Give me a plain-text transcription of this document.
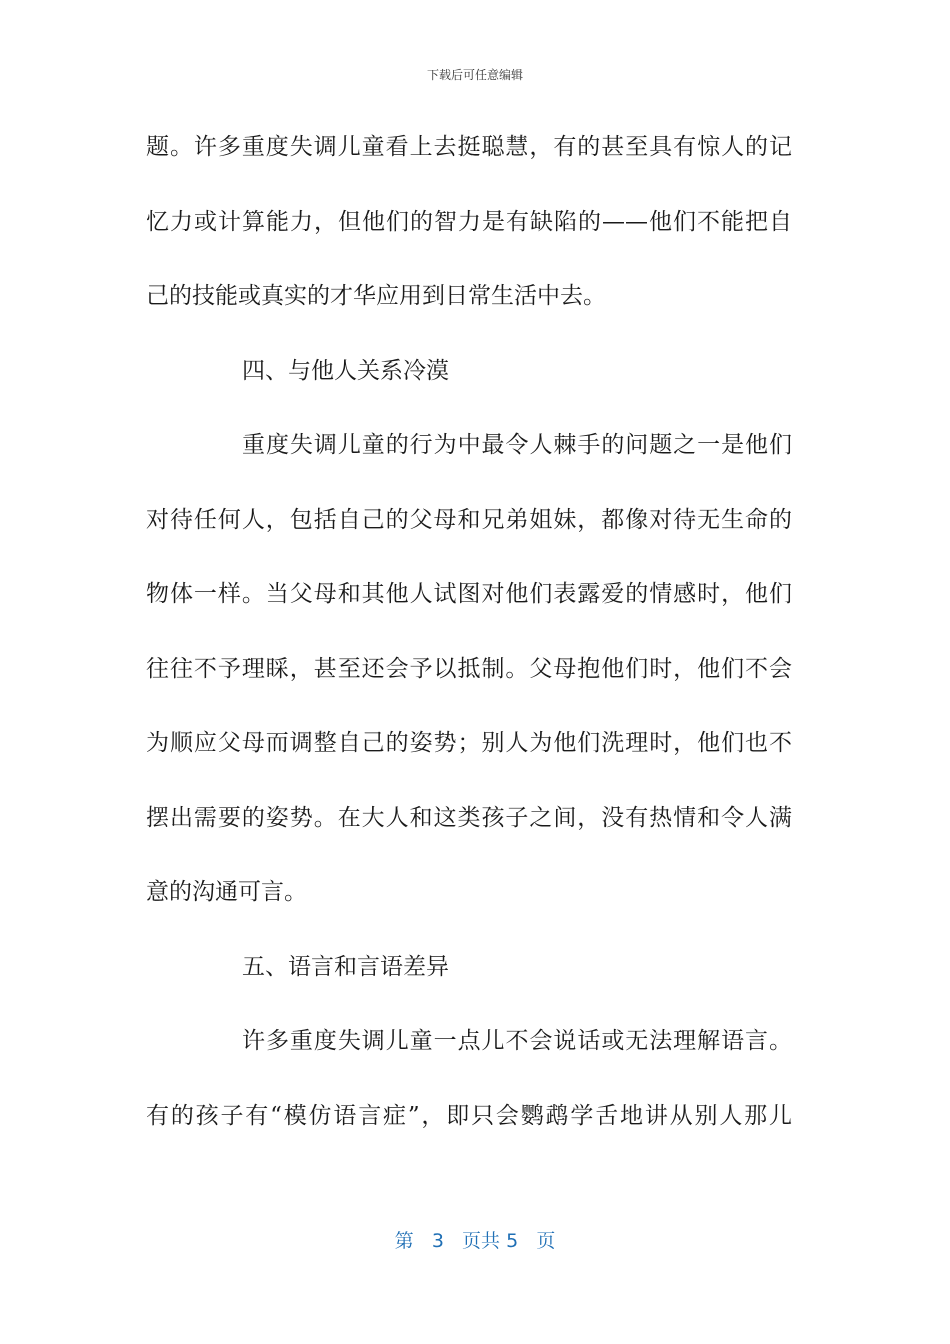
下载后可任意编辑
题。许多重度失调儿童看上去挺聪慧，有的甚至具有惊人的记
忆力或计算能力，但他们的智力是有缺陷的——他们不能把自
己的技能或真实的才华应用到日常生活中去。
四、与他人关系冷漠
重度失调儿童的行为中最令人棘手的问题之一是他们
对待任何人，包括自己的父母和兄弟姐妹，都像对待无生命的
物体一样。当父母和其他人试图对他们表露爱的情感时，他们
往往不予理睬，甚至还会予以抵制。父母抱他们时，他们不会
为顺应父母而调整自己的姿势；别人为他们洗理时，他们也不
摆出需要的姿势。在大人和这类孩子之间，没有热情和令人满
意的沟通可言。
五、语言和言语差异
许多重度失调儿童一点儿不会说话或无法理解语言。
有的孩子有“模仿语言症”，即只会鹦鹉学舌地讲从别人那儿
第 3 页共 5 页
